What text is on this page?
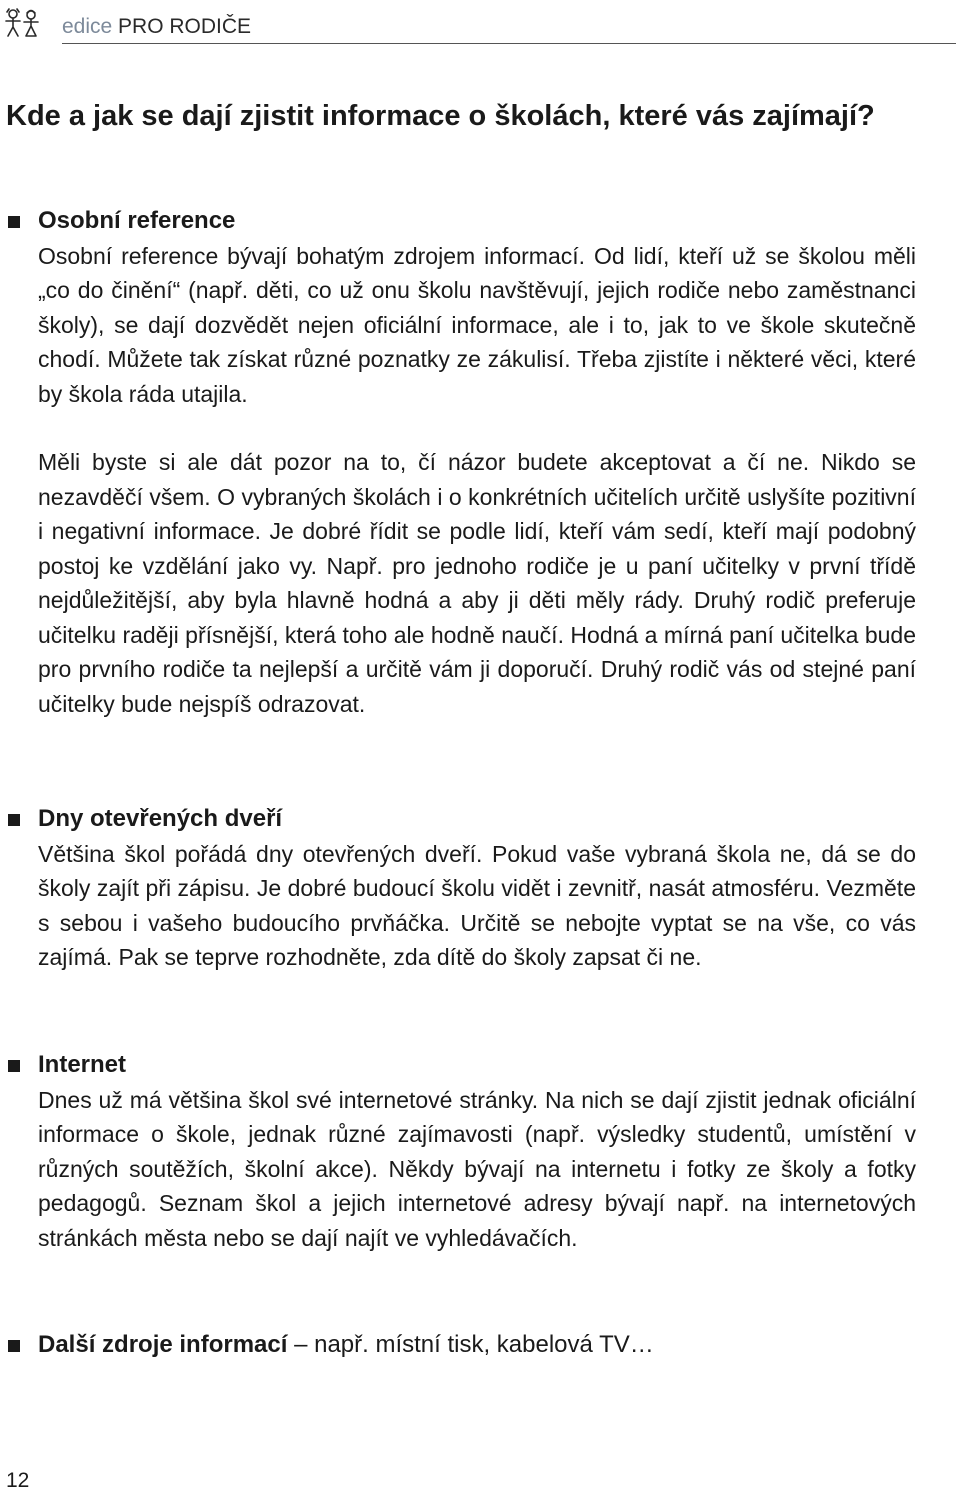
edice PRO RODIČE
Kde a jak se dají zjistit informace o školách, které vás zajímají?
Osobní reference

Osobní reference bývají bohatým zdrojem informací. Od lidí, kteří už se školou měli „co do činění“ (např. děti, co už onu školu navštěvují, jejich rodiče nebo zaměstnanci školy), se dají dozvědět nejen oficiální informace, ale i to, jak to ve škole skutečně chodí. Můžete tak získat různé poznatky ze zákulisí. Třeba zjistíte i některé věci, které by škola ráda utajila.

Měli byste si ale dát pozor na to, čí názor budete akceptovat a čí ne. Nikdo se nezavděčí všem. O vybraných školách i o konkrétních učitelích určitě uslyšíte pozitivní i negativní informace. Je dobré řídit se podle lidí, kteří vám sedí, kteří mají podobný postoj ke vzdělání jako vy. Např. pro jednoho rodiče je u paní učitelky v první třídě nejdůležitější, aby byla hlavně hodná a aby ji děti měly rády. Druhý rodič preferuje učitelku raději přísnější, která toho ale hodně naučí. Hodná a mírná paní učitelka bude pro prvního rodiče ta nejlepší a určitě vám ji doporučí. Druhý rodič vás od stejné paní učitelky bude nejspíš odrazovat.

Dny otevřených dveří

Většina škol pořádá dny otevřených dveří. Pokud vaše vybraná škola ne, dá se do školy zajít při zápisu. Je dobré budoucí školu vidět i zevnitř, nasát atmosféru. Vezměte s sebou i vašeho budoucího prvňáčka. Určitě se nebojte vyptat se na vše, co vás zajímá. Pak se teprve rozhodněte, zda dítě do školy zapsat či ne.

Internet

Dnes už má většina škol své internetové stránky. Na nich se dají zjistit jednak oficiální informace o škole, jednak různé zajímavosti (např. výsledky studentů, umístění v různých soutěžích, školní akce). Někdy bývají na internetu i fotky ze školy a fotky pedagogů. Seznam škol a jejich internetové adresy bývají např. na internetových stránkách města nebo se dají najít ve vyhledávačích.

Další zdroje informací – např. místní tisk, kabelová TV…
12
